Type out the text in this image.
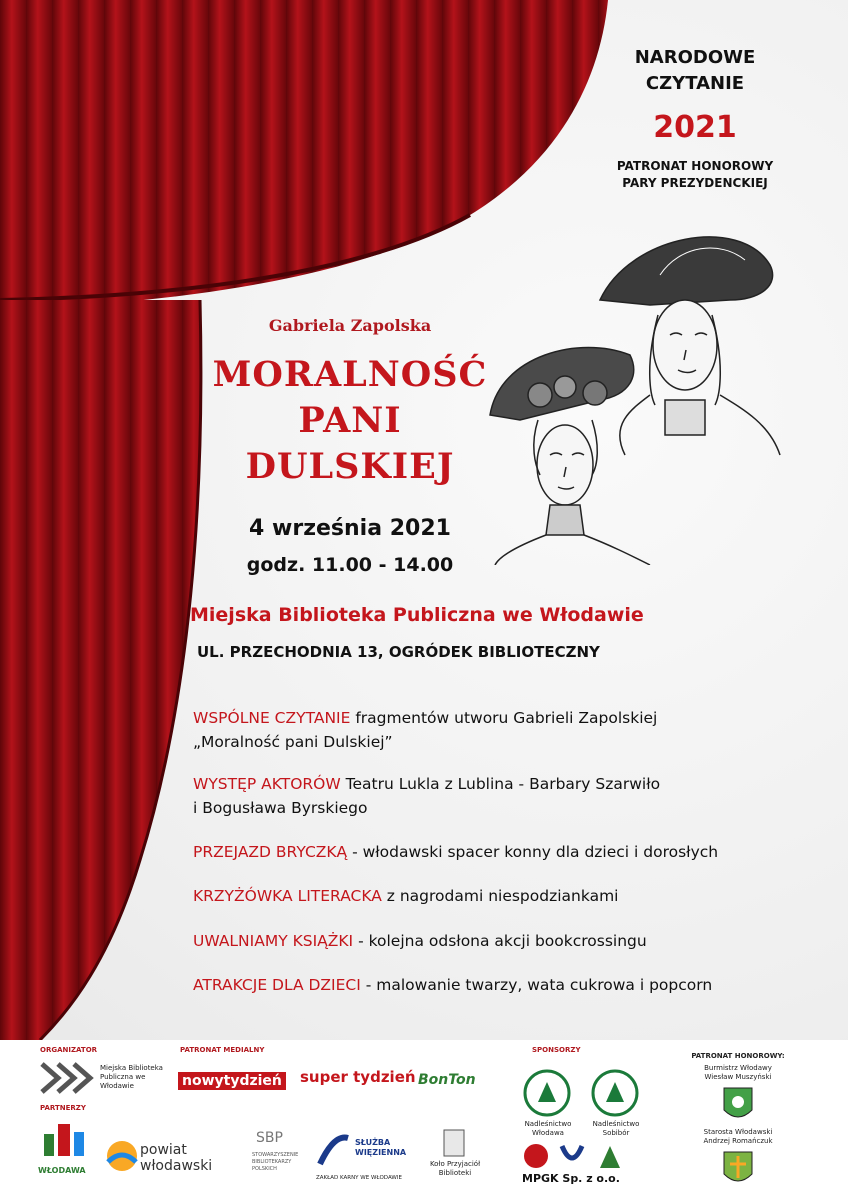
NARODOWE
CZYTANIE
2021
PATRONAT HONOROWY
PARY PREZYDENCKIEJ
Gabriela Zapolska
MORALNOŚĆ
PANI
DULSKIEJ
4 września 2021
godz. 11.00 - 14.00
Miejska Biblioteka Publiczna we Włodawie
UL. PRZECHODNIA 13, OGRÓDEK BIBLIOTECZNY
WSPÓLNE CZYTANIE fragmentów utworu Gabrieli Zapolskiej
„Moralność pani Dulskiej”
WYSTĘP AKTORÓW Teatru Lukla z Lublina - Barbary Szarwiło
i Bogusława Byrskiego
PRZEJAZD BRYCZKĄ - włodawski spacer konny dla dzieci i dorosłych
KRZYŻÓWKA LITERACKA z nagrodami niespodziankami
UWALNIAMY KSIĄŻKI - kolejna odsłona akcji bookcrossingu
ATRAKCJE DLA DZIECI - malowanie twarzy, wata cukrowa i popcorn
ORGANIZATOR
Miejska Biblioteka Publiczna we Włodawie
PATRONAT MEDIALNY
nowytydzień super tydzień BonTon
SPONSORZY
Nadleśnictwo Włodawa
Nadleśnictwo Sobibór
MPGK Sp. z o.o.
PARTNERZY
WŁODAWA
powiat włodawski
SBP
STOWARZYSZENIE BIBLIOTEKARZY POLSKICH
SŁUŻBA
WIĘZIENNA
ZAKŁAD KARNY WE WŁODAWIE
Koło Przyjaciół Biblioteki
PATRONAT HONOROWY:
Burmistrz Włodawy
Wiesław Muszyński
Starosta Włodawski
Andrzej Romańczuk
